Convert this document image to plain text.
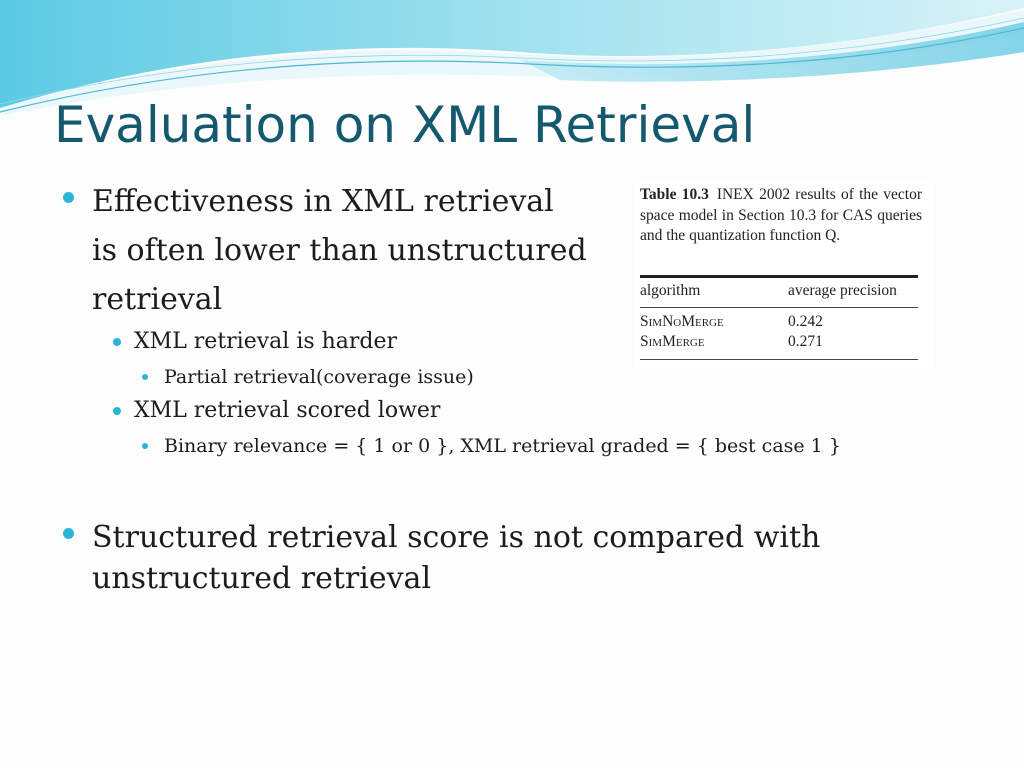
Evaluation on XML Retrieval
Effectiveness in XML retrieval
is often lower than unstructured
retrieval
XML retrieval is harder
Partial retrieval(coverage issue)
XML retrieval scored lower
Binary relevance = { 1 or 0 }, XML retrieval graded = { best case 1 }
Structured retrieval score is not compared with
unstructured retrieval

Table 10.3 INEX 2002 results of the vector space model in Section 10.3 for CAS queries and the quantization function Q.

algorithm	average precision
SimNoMerge	0.242
SimMerge	0.271
